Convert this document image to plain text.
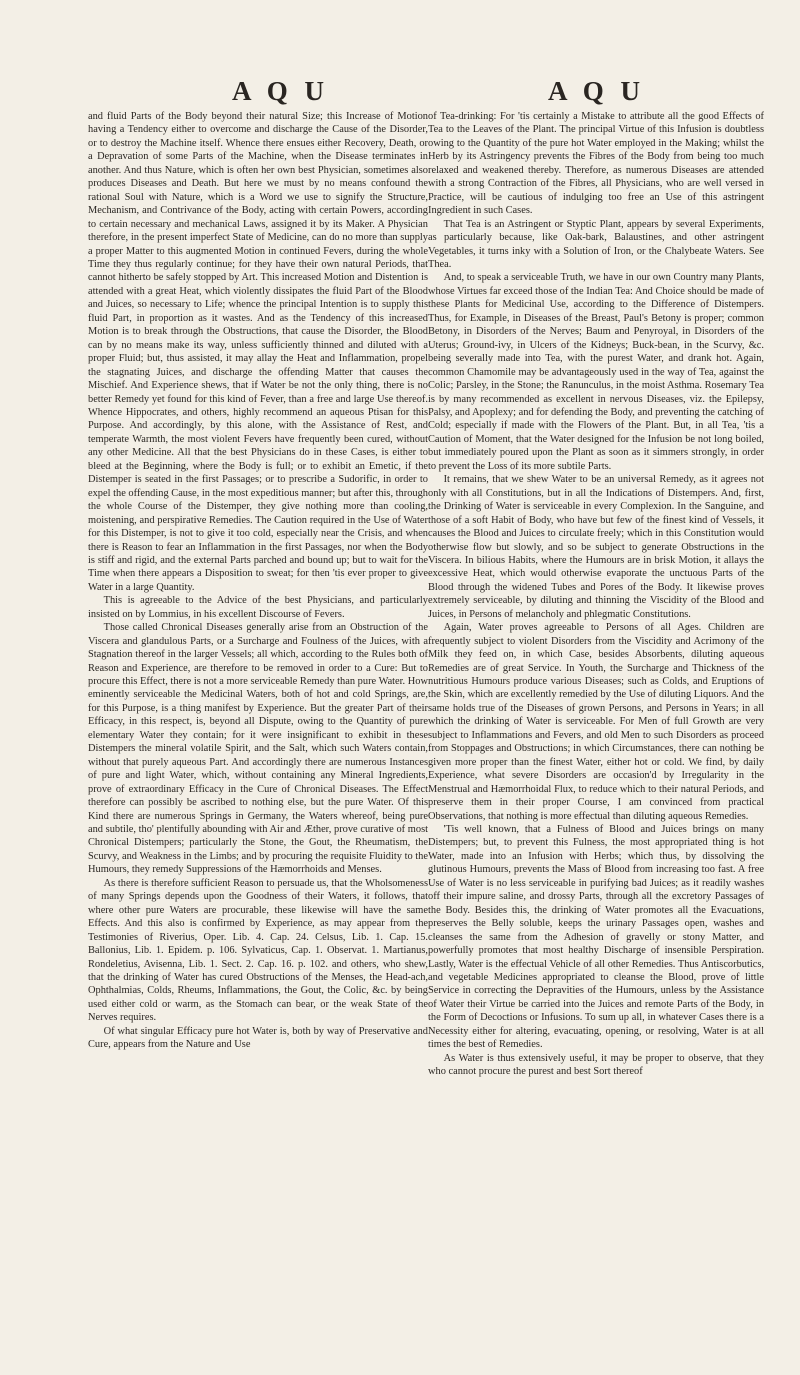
A Q U	A Q U

and fluid Parts of the Body beyond their natural Size; this Increase of Motion having a Tendency either to overcome and discharge the Cause of the Disorder, or to destroy the Machine itself. Whence there ensues either Recovery, Death, or a Depravation of some Parts of the Machine, when the Disease terminates in another. And thus Nature, which is often her own best Physician, sometimes also produces Diseases and Death. But here we must by no means confound the rational Soul with Nature, which is a Word we use to signify the Structure, Mechanism, and Contrivance of the Body, acting with certain Powers, according to certain necessary and mechanical Laws, assigned it by its Maker. A Physician therefore, in the present imperfect State of Medicine, can do no more than supply a proper Matter to this augmented Motion in continued Fevers, during the whole Time they thus regularly continue; for they have their own natural Periods, that cannot hitherto be safely stopped by Art. This increased Motion and Distention is attended with a great Heat, which violently dissipates the fluid Part of the Blood and Juices, so necessary to Life; whence the principal Intention is to supply this fluid Part, in proportion as it wastes. And as the Tendency of this increased Motion is to break through the Obstructions, that cause the Disorder, the Blood can by no means make its way, unless sufficiently thinned and diluted with a proper Fluid; but, thus assisted, it may allay the Heat and Inflammation, propel the stagnating Juices, and discharge the offending Matter that causes the Mischief. And Experience shews, that if Water be not the only thing, there is no better Remedy yet found for this kind of Fever, than a free and large Use thereof. Whence Hippocrates, and others, highly recommend an aqueous Ptisan for this Purpose. And accordingly, by this alone, with the Assistance of Rest, and temperate Warmth, the most violent Fevers have frequently been cured, without any other Medicine. All that the best Physicians do in these Cases, is either to bleed at the Beginning, where the Body is full; or to exhibit an Emetic, if the Distemper is seated in the first Passages; or to prescribe a Sudorific, in order to expel the offending Cause, in the most expeditious manner; but after this, through the whole Course of the Distemper, they give nothing more than cooling, moistening, and perspirative Remedies. The Caution required in the Use of Water for this Distemper, is not to give it too cold, especially near the Crisis, and when there is Reason to fear an Inflammation in the first Passages, nor when the Body is stiff and rigid, and the external Parts parched and bound up; but to wait for the Time when there appears a Disposition to sweat; for then 'tis ever proper to give Water in a large Quantity.

This is agreeable to the Advice of the best Physicians, and particularly insisted on by Lommius, in his excellent Discourse of Fevers.

Those called Chronical Diseases generally arise from an Obstruction of the Viscera and glandulous Parts, or a Surcharge and Foulness of the Juices, with a Stagnation thereof in the larger Vessels; all which, according to the Rules both of Reason and Experience, are therefore to be removed in order to a Cure: But to procure this Effect, there is not a more serviceable Remedy than pure Water. How eminently serviceable the Medicinal Waters, both of hot and cold Springs, are, for this Purpose, is a thing manifest by Experience. But the greater Part of their Efficacy, in this respect, is, beyond all Dispute, owing to the Quantity of pure elementary Water they contain; for it were insignificant to exhibit in these Distempers the mineral volatile Spirit, and the Salt, which such Waters contain, without that purely aqueous Part. And accordingly there are numerous Instances of pure and light Water, which, without containing any Mineral Ingredients, prove of extraordinary Efficacy in the Cure of Chronical Diseases. The Effect therefore can possibly be ascribed to nothing else, but the pure Water. Of this Kind there are numerous Springs in Germany, the Waters whereof, being pure and subtile, tho' plentifully abounding with Air and Æther, prove curative of most Chronical Distempers; particularly the Stone, the Gout, the Rheumatism, the Scurvy, and Weakness in the Limbs; and by procuring the requisite Fluidity to the Humours, they remedy Suppressions of the Hæmorrhoids and Menses.

As there is therefore sufficient Reason to persuade us, that the Wholsomeness of many Springs depends upon the Goodness of their Waters, it follows, that where other pure Waters are procurable, these likewise will have the same Effects. And this also is confirmed by Experience, as may appear from the Testimonies of Riverius, Oper. Lib. 4. Cap. 24. Celsus, Lib. 1. Cap. 15. Ballonius, Lib. 1. Epidem. p. 106. Sylvaticus, Cap. 1. Observat. 1. Martianus, Rondeletius, Avisenna, Lib. 1. Sect. 2. Cap. 16. p. 102. and others, who shew, that the drinking of Water has cured Obstructions of the Menses, the Head-ach, Ophthalmias, Colds, Rheums, Inflammations, the Gout, the Colic, &c. by being used either cold or warm, as the Stomach can bear, or the weak State of the Nerves requires.

Of what singular Efficacy pure hot Water is, both by way of Preservative and Cure, appears from the Nature and Use

of Tea-drinking: For 'tis certainly a Mistake to attribute all the good Effects of Tea to the Leaves of the Plant. The principal Virtue of this Infusion is doubtless owing to the Quantity of the pure hot Water employed in the Making; whilst the Herb by its Astringency prevents the Fibres of the Body from being too much relaxed and weakened thereby. Therefore, as numerous Diseases are attended with a strong Contraction of the Fibres, all Physicians, who are well versed in Practice, will be cautious of indulging too free an Use of this astringent Ingredient in such Cases.

That Tea is an Astringent or Styptic Plant, appears by several Experiments, as particularly because, like Oak-bark, Balaustines, and other astringent Vegetables, it turns inky with a Solution of Iron, or the Chalybeate Waters. See Thea.

And, to speak a serviceable Truth, we have in our own Country many Plants, whose Virtues far exceed those of the Indian Tea: And Choice should be made of these Plants for Medicinal Use, according to the Difference of Distempers. Thus, for Example, in Diseases of the Breast, Paul's Betony is proper; common Betony, in Disorders of the Nerves; Baum and Penyroyal, in Disorders of the Uterus; Ground-ivy, in Ulcers of the Kidneys; Buck-bean, in the Scurvy, &c. being severally made into Tea, with the purest Water, and drank hot. Again, common Chamomile may be advantageously used in the way of Tea, against the Colic; Parsley, in the Stone; the Ranunculus, in the moist Asthma. Rosemary Tea is by many recommended as excellent in nervous Diseases, viz. the Epilepsy, Palsy, and Apoplexy; and for defending the Body, and preventing the catching of Cold; especially if made with the Flowers of the Plant. But, in all Tea, 'tis a Caution of Moment, that the Water designed for the Infusion be not long boiled, but immediately poured upon the Plant as soon as it simmers strongly, in order to prevent the Loss of its more subtile Parts.

It remains, that we shew Water to be an universal Remedy, as it agrees not only with all Constitutions, but in all the Indications of Distempers. And, first, the Drinking of Water is serviceable in every Complexion. In the Sanguine, and those of a soft Habit of Body, who have but few of the finest kind of Vessels, it causes the Blood and Juices to circulate freely; which in this Constitution would otherwise flow but slowly, and so be subject to generate Obstructions in the Viscera. In bilious Habits, where the Humours are in brisk Motion, it allays the excessive Heat, which would otherwise evaporate the unctuous Parts of the Blood through the widened Tubes and Pores of the Body. It likewise proves extremely serviceable, by diluting and thinning the Viscidity of the Blood and Juices, in Persons of melancholy and phlegmatic Constitutions.

Again, Water proves agreeable to Persons of all Ages. Children are frequently subject to violent Disorders from the Viscidity and Acrimony of the Milk they feed on, in which Case, besides Absorbents, diluting aqueous Remedies are of great Service. In Youth, the Surcharge and Thickness of the nutritious Humours produce various Diseases; such as Colds, and Eruptions of the Skin, which are excellently remedied by the Use of diluting Liquors. And the same holds true of the Diseases of grown Persons, and Persons in Years; in all which the drinking of Water is serviceable. For Men of full Growth are very subject to Inflammations and Fevers, and old Men to such Disorders as proceed from Stoppages and Obstructions; in which Circumstances, there can nothing be given more proper than the finest Water, either hot or cold. We find, by daily Experience, what severe Disorders are occasion'd by Irregularity in the Menstrual and Hæmorrhoidal Flux, to reduce which to their natural Periods, and preserve them in their proper Course, I am convinced from practical Observations, that nothing is more effectual than diluting aqueous Remedies.

'Tis well known, that a Fulness of Blood and Juices brings on many Distempers; but, to prevent this Fulness, the most appropriated thing is hot Water, made into an Infusion with Herbs; which thus, by dissolving the glutinous Humours, prevents the Mass of Blood from increasing too fast. A free Use of Water is no less serviceable in purifying bad Juices; as it readily washes off their impure saline, and drossy Parts, through all the excretory Passages of the Body. Besides this, the drinking of Water promotes all the Evacuations, preserves the Belly soluble, keeps the urinary Passages open, washes and cleanses the same from the Adhesion of gravelly or stony Matter, and powerfully promotes that most healthy Discharge of insensible Perspiration. Lastly, Water is the effectual Vehicle of all other Remedies. Thus Antiscorbutics, and vegetable Medicines appropriated to cleanse the Blood, prove of little Service in correcting the Depravities of the Humours, unless by the Assistance of Water their Virtue be carried into the Juices and remote Parts of the Body, in the Form of Decoctions or Infusions. To sum up all, in whatever Cases there is a Necessity either for altering, evacuating, opening, or resolving, Water is at all times the best of Remedies.

As Water is thus extensively useful, it may be proper to observe, that they who cannot procure the purest and best Sort thereof
